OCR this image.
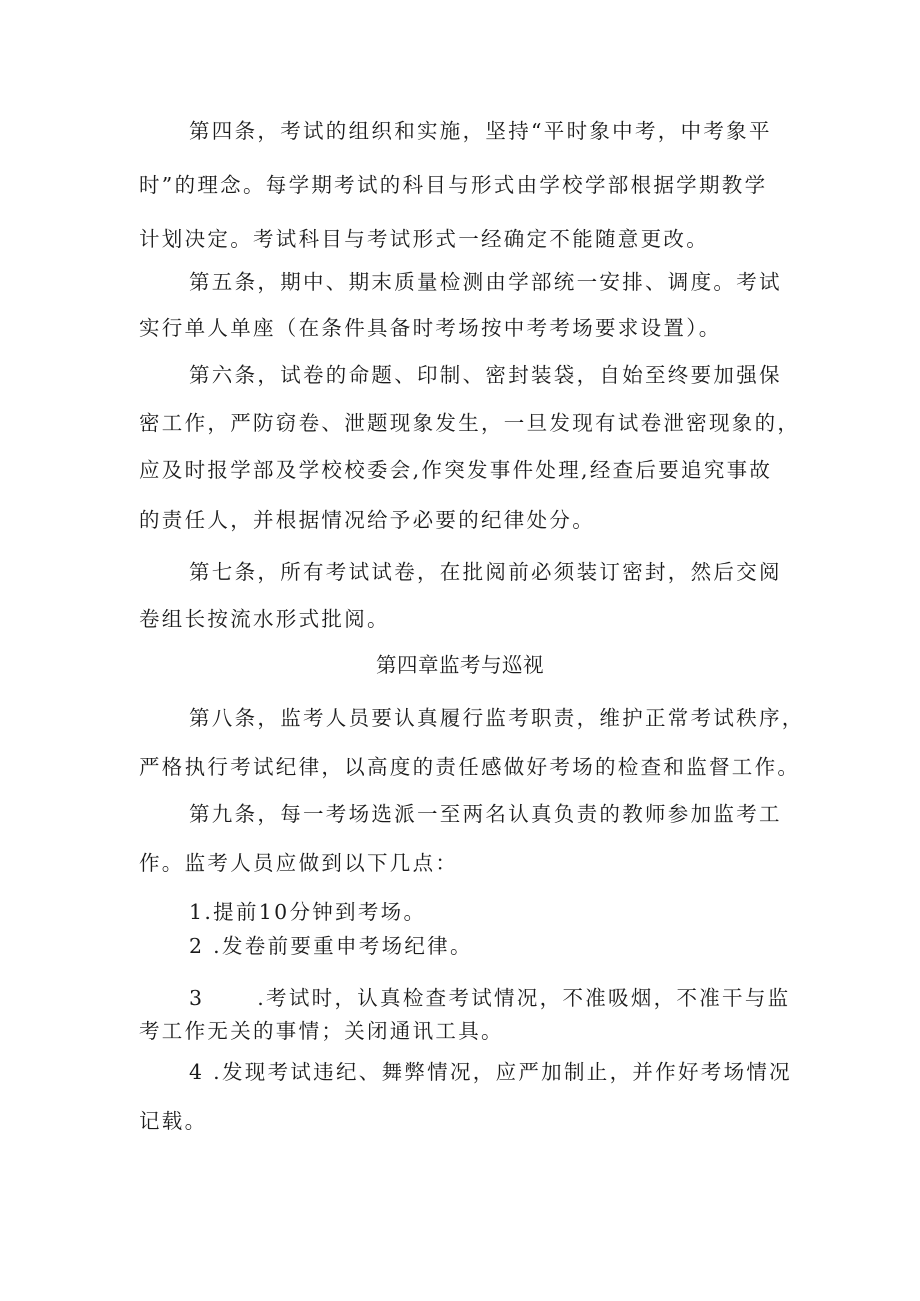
第四条，考试的组织和实施，坚持“平时象中考，中考象平

时”的理念。每学期考试的科目与形式由学校学部根据学期教学

计划决定。考试科目与考试形式一经确定不能随意更改。

第五条，期中、期末质量检测由学部统一安排、调度。考试

实行单人单座（在条件具备时考场按中考考场要求设置）。

第六条，试卷的命题、印制、密封装袋，自始至终要加强保

密工作，严防窃卷、泄题现象发生，一旦发现有试卷泄密现象的，

应及时报学部及学校校委会,作突发事件处理,经查后要追究事故

的责任人，并根据情况给予必要的纪律处分。

第七条，所有考试试卷，在批阅前必须装订密封，然后交阅

卷组长按流水形式批阅。

第四章监考与巡视

第八条，监考人员要认真履行监考职责，维护正常考试秩序，

严格执行考试纪律，以高度的责任感做好考场的检查和监督工作。

第九条，每一考场选派一至两名认真负责的教师参加监考工

作。监考人员应做到以下几点：

1.提前10分钟到考场。

2 .发卷前要重申考场纪律。

3      .考试时，认真检查考试情况，不准吸烟，不准干与监

考工作无关的事情；关闭通讯工具。

4 .发现考试违纪、舞弊情况，应严加制止，并作好考场情况

记载。
